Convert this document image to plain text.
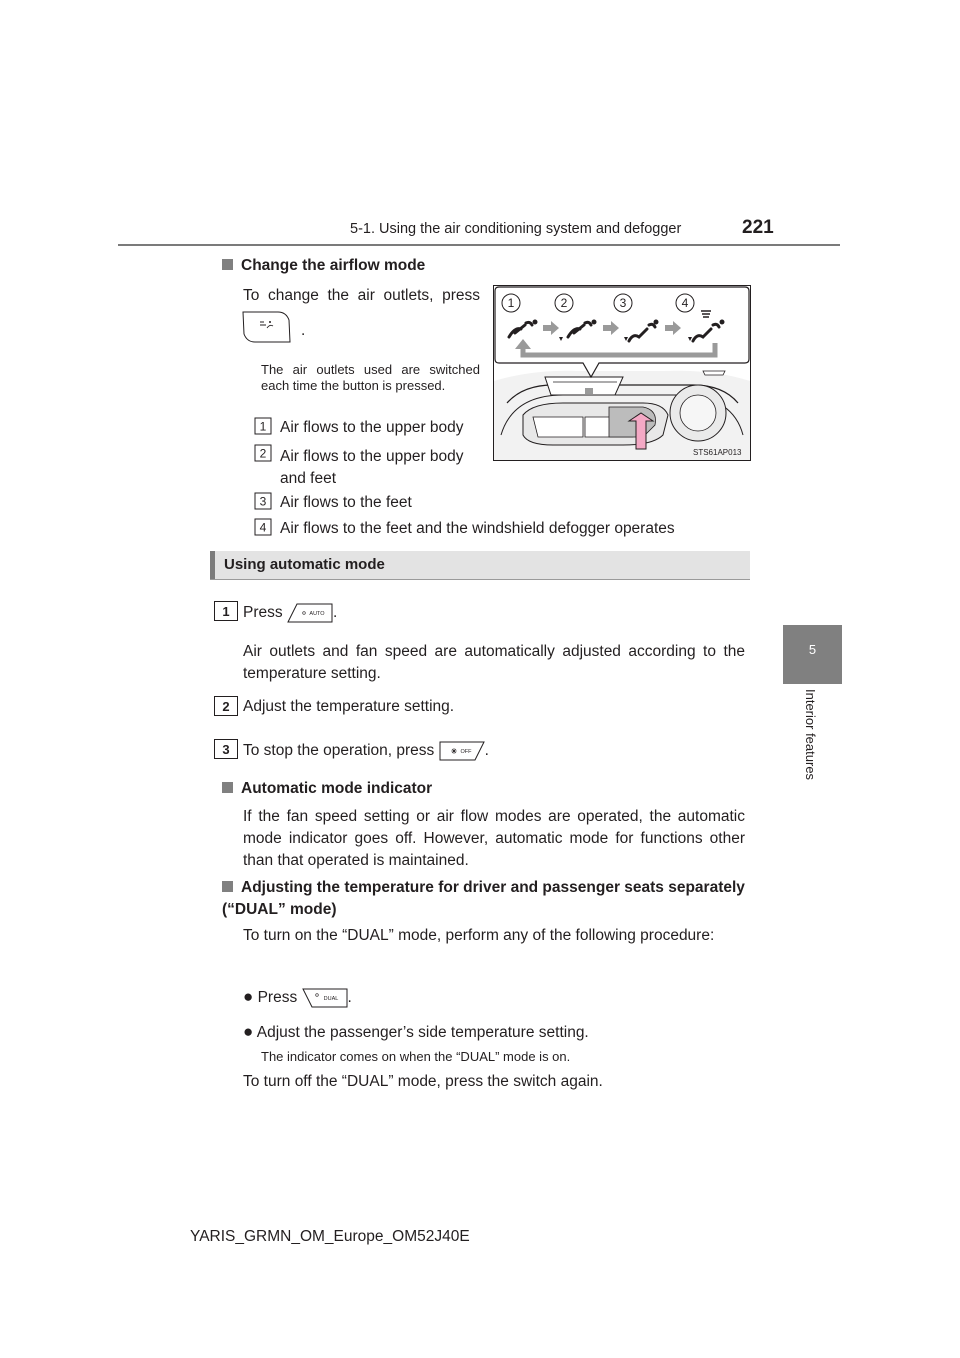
5-1. Using the air conditioning system and defogger	221
5
Interior features
Change the airflow mode
To change the air outlets, press
.
The air outlets used are switched each time the button is pressed.
1 Air flows to the upper body
2 Air flows to the upper body and feet
3 Air flows to the feet
4 Air flows to the feet and the windshield defogger operates
1	2	3	4
STS61AP013
Using automatic mode
1 Press	AUTO .
Air outlets and fan speed are automatically adjusted according to the temperature setting.
2 Adjust the temperature setting.
3 To stop the operation, press	OFF .
Automatic mode indicator
If the fan speed setting or air flow modes are operated, the automatic mode indicator goes off. However, automatic mode for functions other than that operated is maintained.
Adjusting the temperature for driver and passenger seats separately (“DUAL” mode)
To turn on the “DUAL” mode, perform any of the following procedure:
● Press	DUAL .
● Adjust the passenger’s side temperature setting.
The indicator comes on when the “DUAL” mode is on.
To turn off the “DUAL” mode, press the switch again.
YARIS_GRMN_OM_Europe_OM52J40E
